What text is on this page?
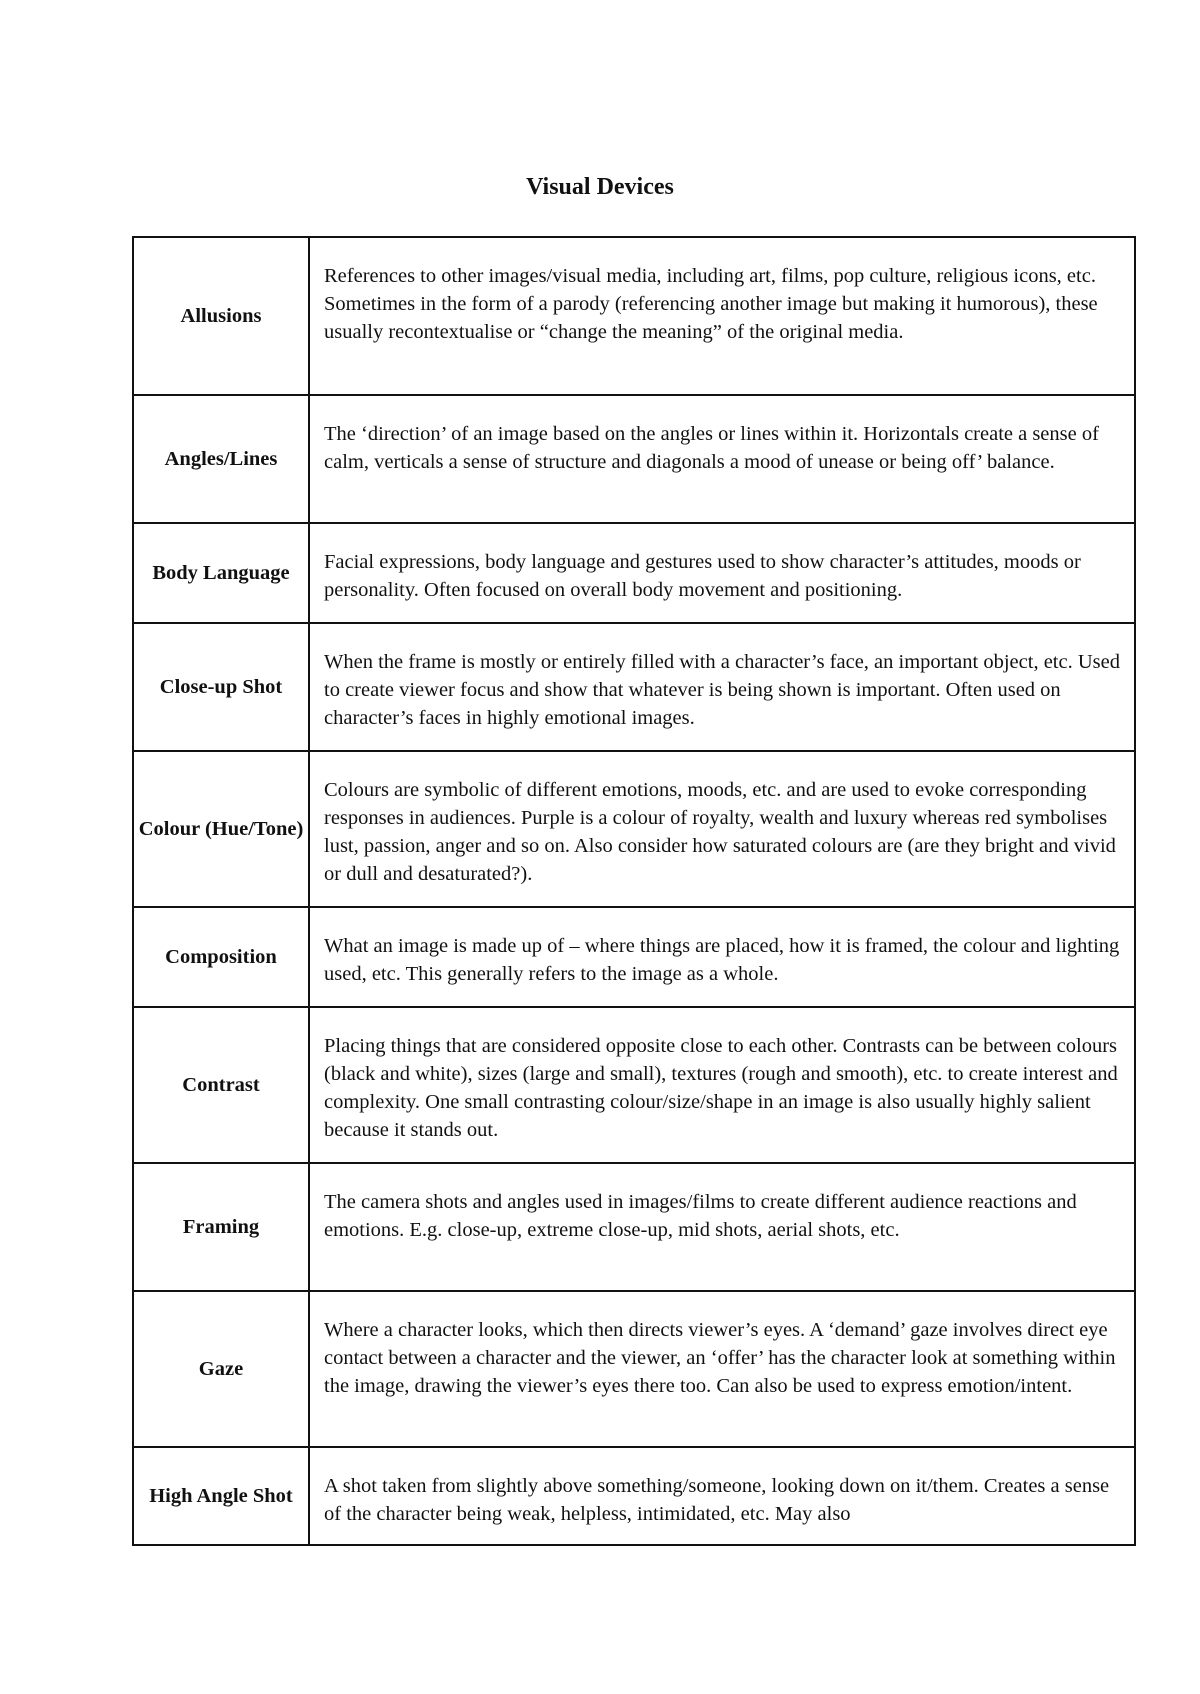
Visual Devices
Allusions	References to other images/visual media, including art, films, pop culture, religious icons, etc. Sometimes in the form of a parody (referencing another image but making it humorous), these usually recontextualise or “change the meaning” of the original media.

Angles/Lines	The ‘direction’ of an image based on the angles or lines within it. Horizontals create a sense of calm, verticals a sense of structure and diagonals a mood of unease or being off’ balance.

Body Language	Facial expressions, body language and gestures used to show character’s attitudes, moods or personality. Often focused on overall body movement and positioning.

Close-up Shot	When the frame is mostly or entirely filled with a character’s face, an important object, etc. Used to create viewer focus and show that whatever is being shown is important. Often used on character’s faces in highly emotional images.

Colour (Hue/Tone)	Colours are symbolic of different emotions, moods, etc. and are used to evoke corresponding responses in audiences. Purple is a colour of royalty, wealth and luxury whereas red symbolises lust, passion, anger and so on. Also consider how saturated colours are (are they bright and vivid or dull and desaturated?).

Composition	What an image is made up of – where things are placed, how it is framed, the colour and lighting used, etc. This generally refers to the image as a whole.

Contrast	Placing things that are considered opposite close to each other. Contrasts can be between colours (black and white), sizes (large and small), textures (rough and smooth), etc. to create interest and complexity. One small contrasting colour/size/shape in an image is also usually highly salient because it stands out.

Framing	The camera shots and angles used in images/films to create different audience reactions and emotions. E.g. close-up, extreme close-up, mid shots, aerial shots, etc.

Gaze	Where a character looks, which then directs viewer’s eyes. A ‘demand’ gaze involves direct eye contact between a character and the viewer, an ‘offer’ has the character look at something within the image, drawing the viewer’s eyes there too. Can also be used to express emotion/intent.

High Angle Shot	A shot taken from slightly above something/someone, looking down on it/them. Creates a sense of the character being weak, helpless, intimidated, etc. May also
